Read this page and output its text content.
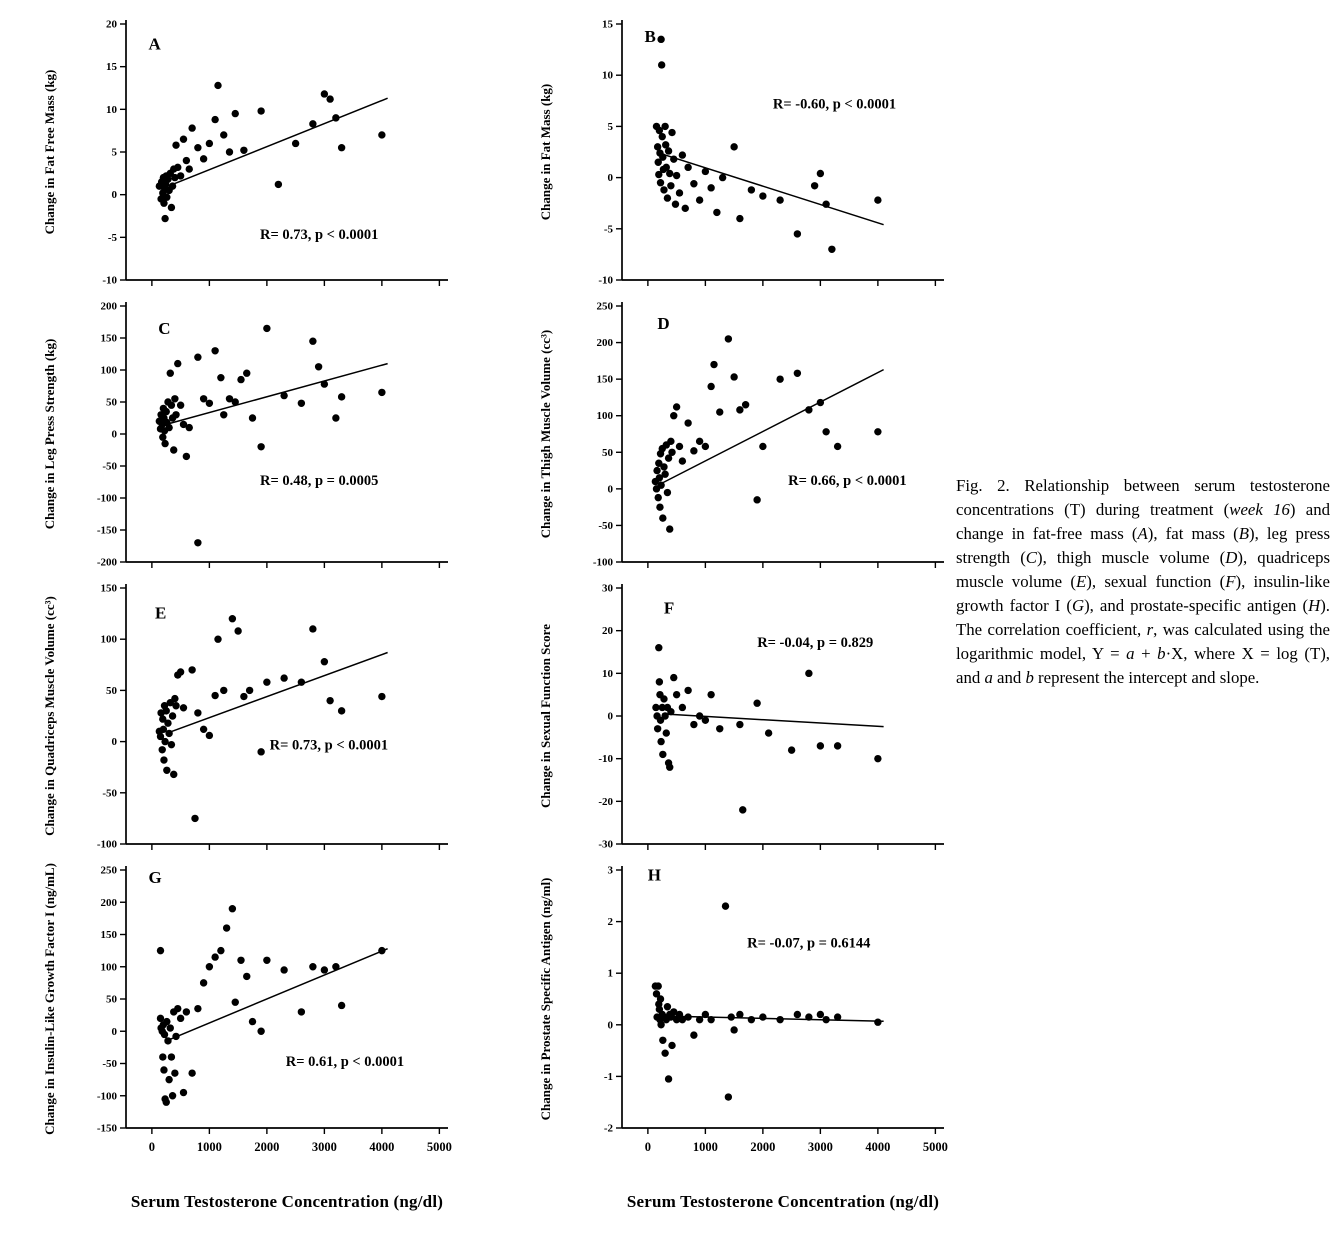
20
15
10
5
0
-5
-10
Change in Fat Free Mass (kg)
A
R= 0.73, p < 0.0001
200
150
100
50
0
-50
-100
-150
-200
Change in Leg Press Strength (kg)
C
R= 0.48, p = 0.0005
150
100
50
0
-50
-100
Change in Quadriceps Muscle Volume (cc³)	E
R= 0.73, p < 0.0001
250
200
150
100
50
0
-50
-100
-150
0	1000	2000	3000	4000	5000
Change in Insulin-Like Growth Factor I (ng/mL)	G
R= 0.61, p < 0.0001
Serum Testosterone Concentration (ng/dl)
15
10
5
0
-5
-10
Change in Fat Mass (kg)
B
R= -0.60, p < 0.0001
250
200
150
100
50
0
-50
-100
Change in Thigh Muscle Volume (cc³)
D
R= 0.66, p < 0.0001
30
20
10
0
-10
-20
-30
Change in Sexual Function Score
F
R= -0.04, p = 0.829
3
2
1
0
-1
-2
0	1000	2000	3000	4000	5000
Change in Prostate Specific Antigen (ng/ml)
H
R= -0.07, p = 0.6144
Serum Testosterone Concentration (ng/dl)
Fig. 2. Relationship between serum testosterone concentrations (T) during treatment (week 16) and change in fat-free mass (A), fat mass (B), leg press strength (C), thigh muscle volume (D), quadriceps muscle volume (E), sexual function (F), insulin-like growth factor I (G), and prostate-specific antigen (H). The correlation coefficient, r, was calculated using the logarithmic model, Y = a + b·X, where X = log (T), and a and b represent the intercept and slope.
